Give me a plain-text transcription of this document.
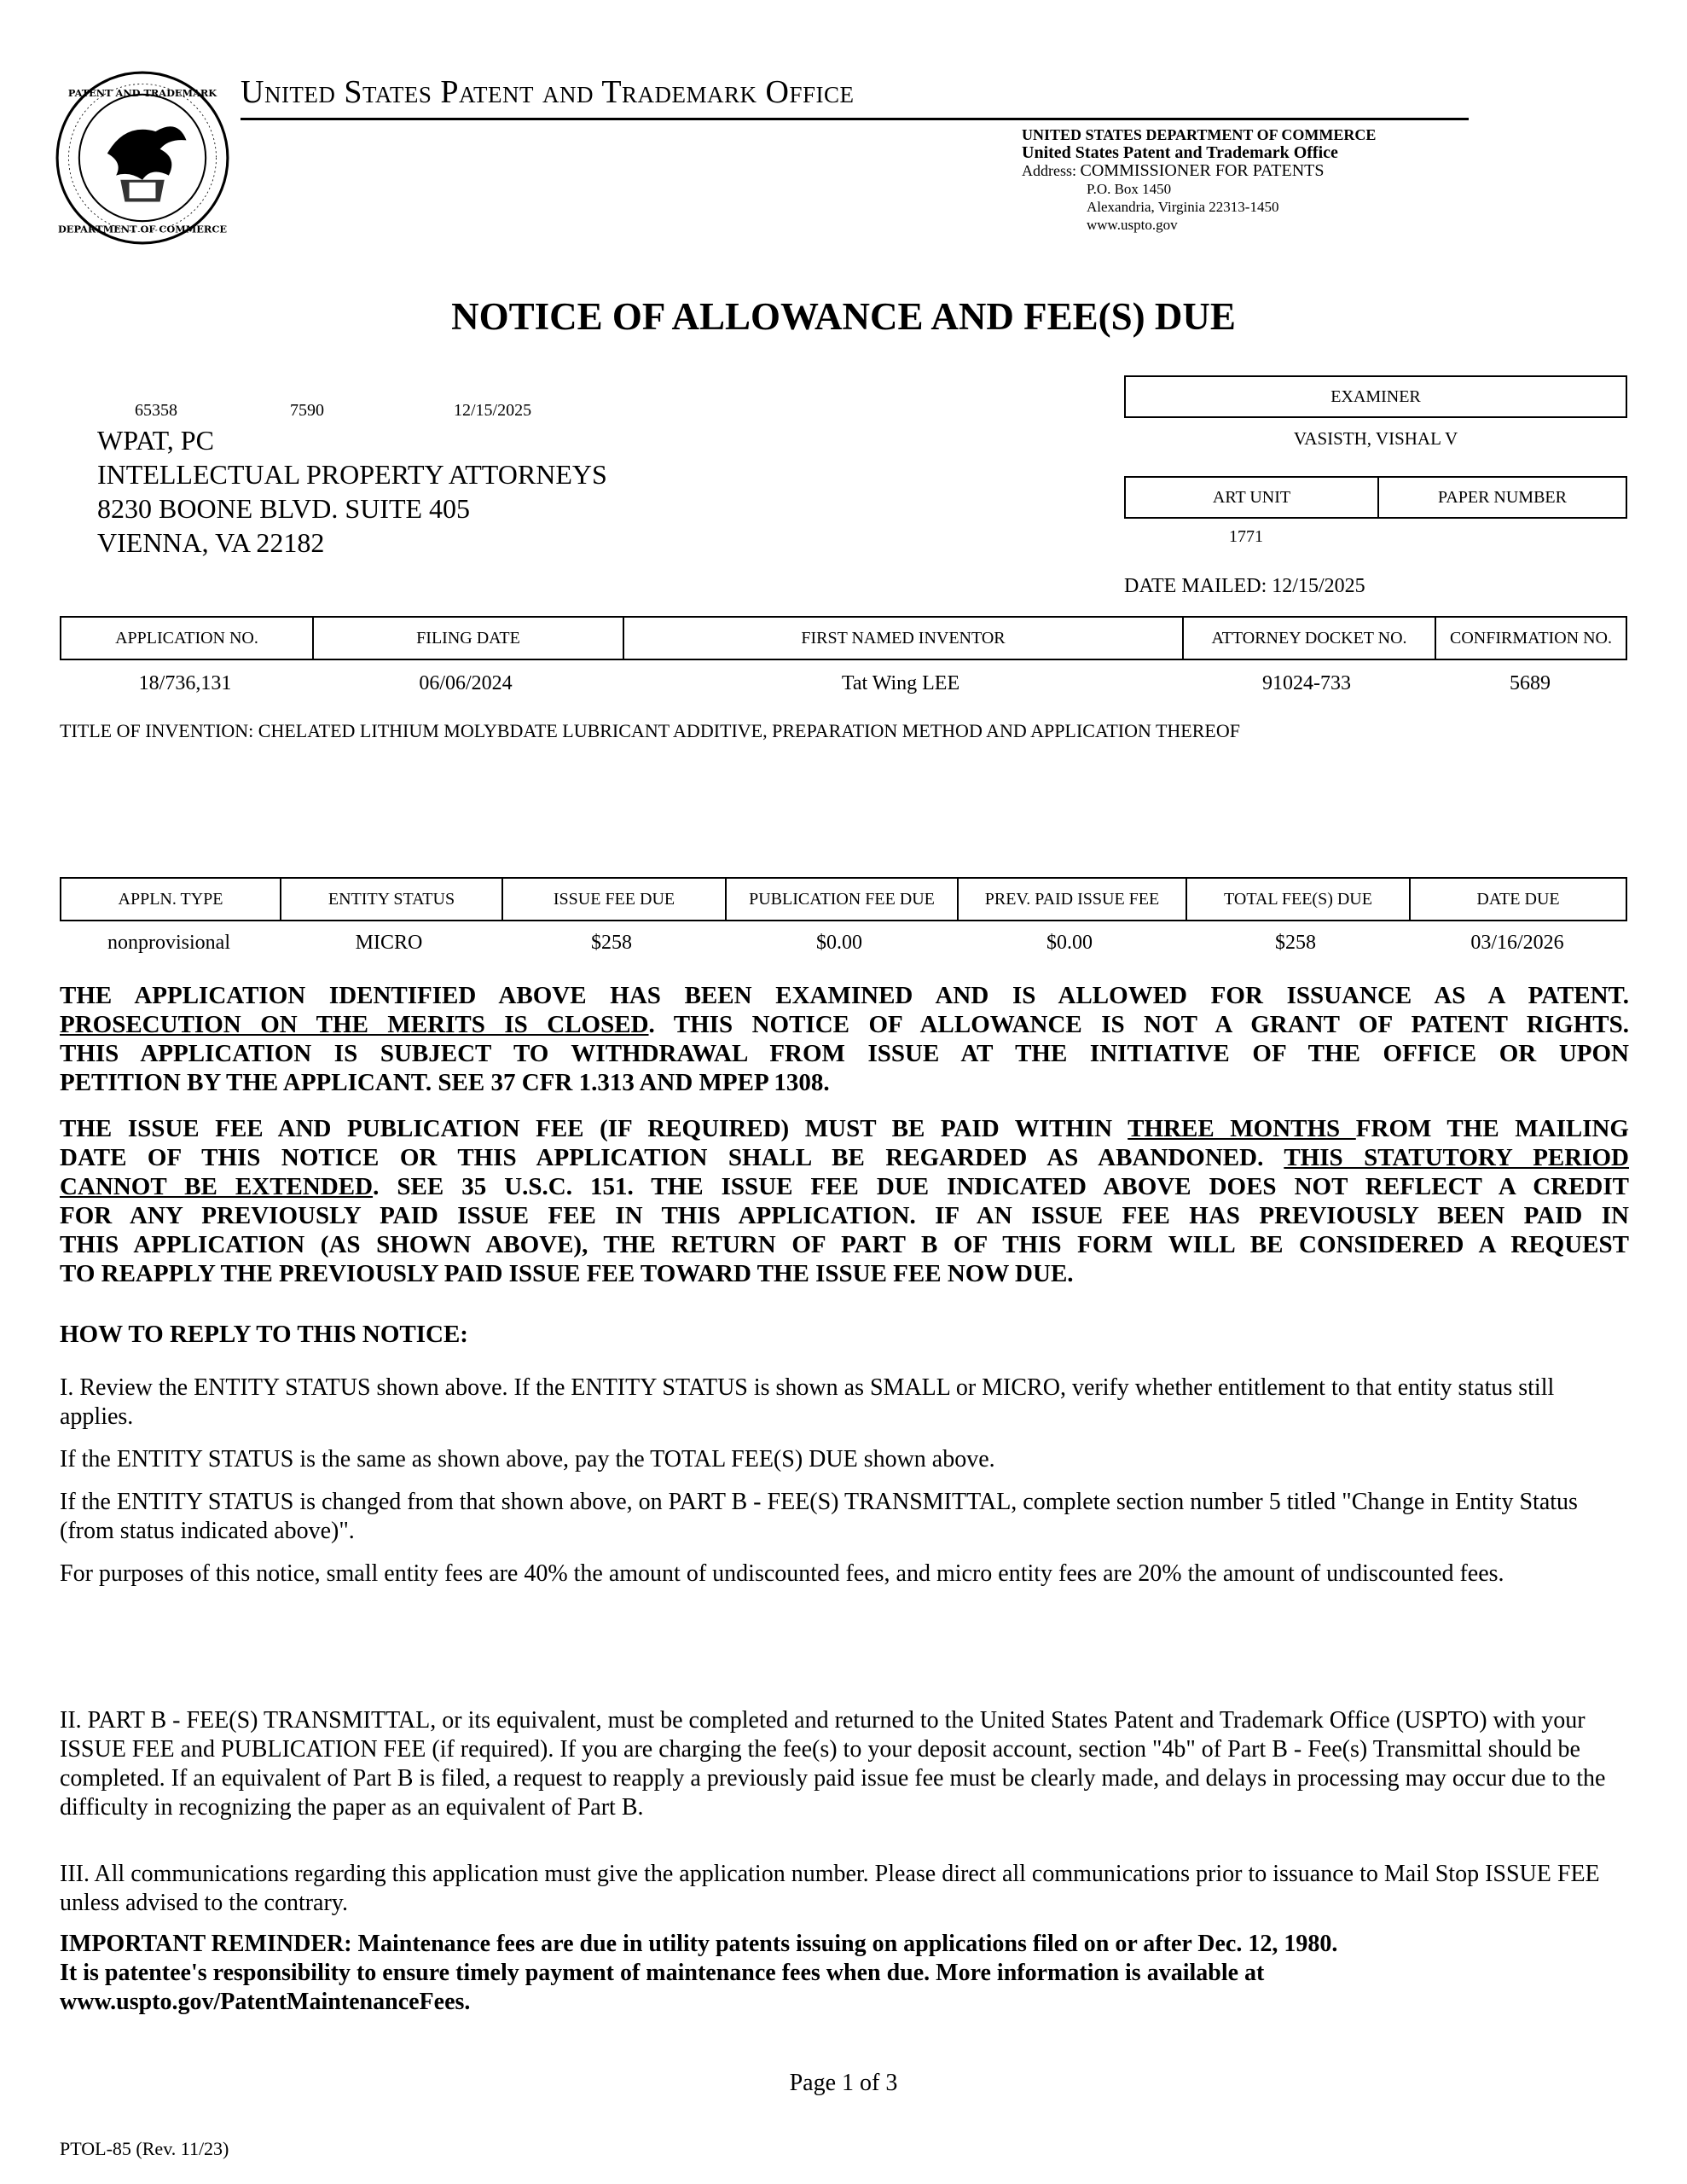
PATENT AND TRADEMARK
DEPARTMENT OF COMMERCE
United States Patent and Trademark Office
UNITED STATES DEPARTMENT OF COMMERCE
United States Patent and Trademark Office
Address: COMMISSIONER FOR PATENTS
P.O. Box 1450
Alexandria, Virginia 22313-1450
www.uspto.gov
NOTICE OF ALLOWANCE AND FEE(S) DUE
65358	7590	12/15/2025
WPAT, PC
INTELLECTUAL PROPERTY ATTORNEYS
8230 BOONE BLVD. SUITE 405
VIENNA, VA 22182
EXAMINER
VASISTH, VISHAL V
ART UNIT	PAPER NUMBER
1771
DATE MAILED: 12/15/2025
APPLICATION NO.	FILING DATE	FIRST NAMED INVENTOR	ATTORNEY DOCKET NO.	CONFIRMATION NO.
18/736,131	06/06/2024	Tat Wing LEE	91024-733	5689
TITLE OF INVENTION: CHELATED LITHIUM MOLYBDATE LUBRICANT ADDITIVE, PREPARATION METHOD AND APPLICATION THEREOF
APPLN. TYPE	ENTITY STATUS	ISSUE FEE DUE	PUBLICATION FEE DUE	PREV. PAID ISSUE FEE	TOTAL FEE(S) DUE	DATE DUE
nonprovisional	MICRO	$258	$0.00	$0.00	$258	03/16/2026
THE APPLICATION IDENTIFIED ABOVE HAS BEEN EXAMINED AND IS ALLOWED FOR ISSUANCE AS A PATENT.
PROSECUTION ON THE MERITS IS CLOSED. THIS NOTICE OF ALLOWANCE IS NOT A GRANT OF PATENT RIGHTS.
THIS APPLICATION IS SUBJECT TO WITHDRAWAL FROM ISSUE AT THE INITIATIVE OF THE OFFICE OR UPON
PETITION BY THE APPLICANT. SEE 37 CFR 1.313 AND MPEP 1308.
THE ISSUE FEE AND PUBLICATION FEE (IF REQUIRED) MUST BE PAID WITHIN THREE MONTHS FROM THE MAILING
DATE OF THIS NOTICE OR THIS APPLICATION SHALL BE REGARDED AS ABANDONED. THIS STATUTORY PERIOD
CANNOT BE EXTENDED. SEE 35 U.S.C. 151. THE ISSUE FEE DUE INDICATED ABOVE DOES NOT REFLECT A CREDIT
FOR ANY PREVIOUSLY PAID ISSUE FEE IN THIS APPLICATION. IF AN ISSUE FEE HAS PREVIOUSLY BEEN PAID IN
THIS APPLICATION (AS SHOWN ABOVE), THE RETURN OF PART B OF THIS FORM WILL BE CONSIDERED A REQUEST
TO REAPPLY THE PREVIOUSLY PAID ISSUE FEE TOWARD THE ISSUE FEE NOW DUE.
HOW TO REPLY TO THIS NOTICE:
I. Review the ENTITY STATUS shown above. If the ENTITY STATUS is shown as SMALL or MICRO, verify whether entitlement to that entity status still applies.
If the ENTITY STATUS is the same as shown above, pay the TOTAL FEE(S) DUE shown above.
If the ENTITY STATUS is changed from that shown above, on PART B - FEE(S) TRANSMITTAL, complete section number 5 titled "Change in Entity Status (from status indicated above)".
For purposes of this notice, small entity fees are 40% the amount of undiscounted fees, and micro entity fees are 20% the amount of undiscounted fees.
II. PART B - FEE(S) TRANSMITTAL, or its equivalent, must be completed and returned to the United States Patent and Trademark Office (USPTO) with your ISSUE FEE and PUBLICATION FEE (if required). If you are charging the fee(s) to your deposit account, section "4b" of Part B - Fee(s) Transmittal should be completed. If an equivalent of Part B is filed, a request to reapply a previously paid issue fee must be clearly made, and delays in processing may occur due to the difficulty in recognizing the paper as an equivalent of Part B.
III. All communications regarding this application must give the application number. Please direct all communications prior to issuance to Mail Stop ISSUE FEE unless advised to the contrary.
IMPORTANT REMINDER: Maintenance fees are due in utility patents issuing on applications filed on or after Dec. 12, 1980.
It is patentee's responsibility to ensure timely payment of maintenance fees when due. More information is available at
www.uspto.gov/PatentMaintenanceFees.
Page 1 of 3
PTOL-85 (Rev. 11/23)
